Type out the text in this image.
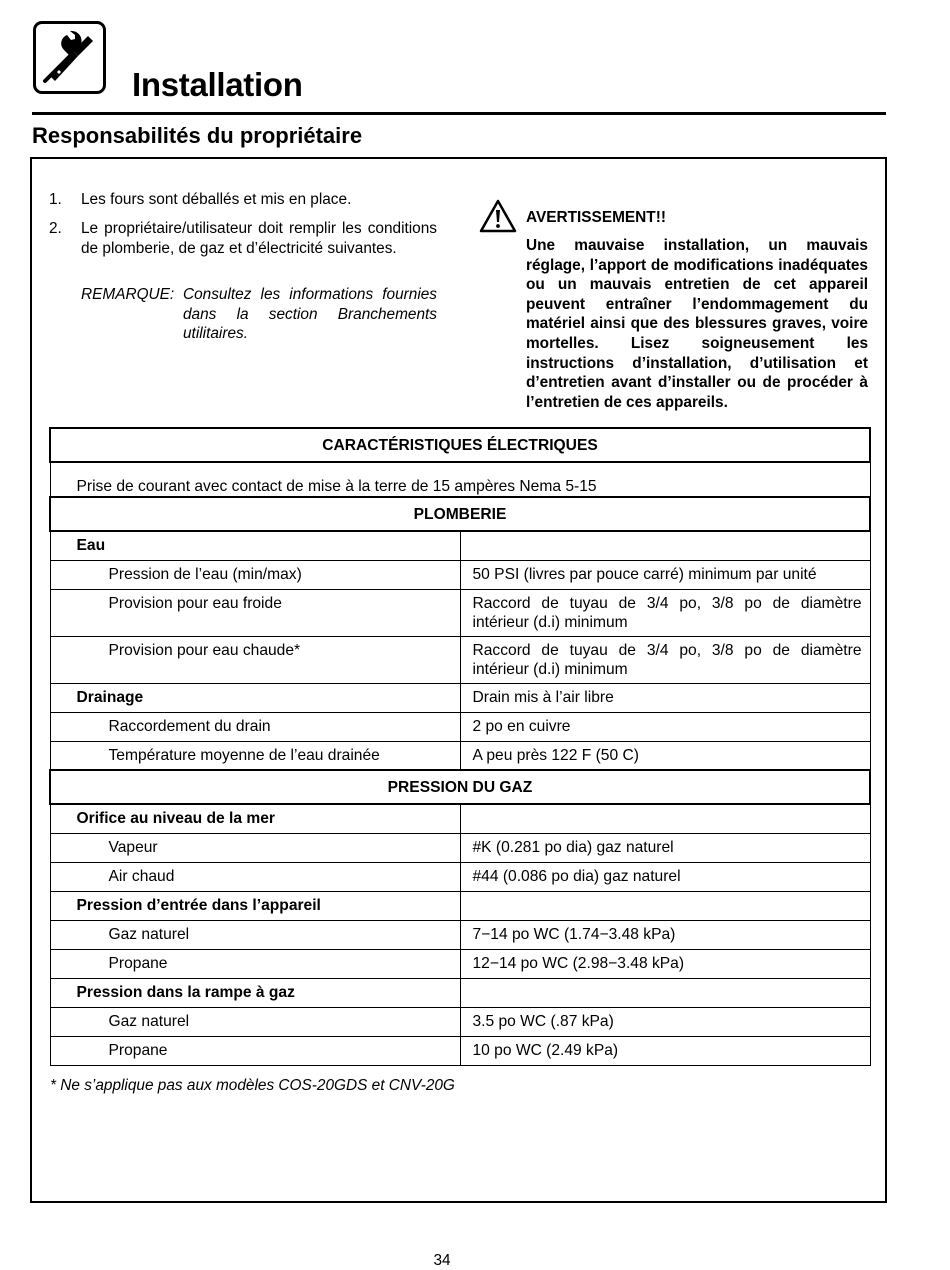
Installation
Responsabilités du propriétaire
1. Les fours sont déballés et mis en place.
2. Le propriétaire/utilisateur doit remplir les conditions de plomberie, de gaz et d’électricité suivantes.
REMARQUE: Consultez les informations fournies dans la section Branchements utilitaires.
AVERTISSEMENT!!
Une mauvaise installation, un mauvais réglage, l’apport de modifications inadéquates ou un mauvais entretien de cet appareil peuvent entraîner l’endommagement du matériel ainsi que des blessures graves, voire mortelles. Lisez soigneusement les instructions d’installation, d’utilisation et d’entretien avant d’installer ou de procéder à l’entretien de ces appareils.
CARACTÉRISTIQUES ÉLECTRIQUES	
Prise de courant avec contact de mise à la terre de 15 ampères Nema 5-15	
PLOMBERIE	
Eau	
Pression de l’eau (min/max)	50 PSI (livres par pouce carré) minimum par unité
Provision pour eau froide	Raccord de tuyau de 3/4 po, 3/8 po de diamètre intérieur (d.i) minimum
Provision pour eau chaude*	Raccord de tuyau de 3/4 po, 3/8 po de diamètre intérieur (d.i) minimum
Drainage	Drain mis à l’air libre
Raccordement du drain	2 po en cuivre
Température moyenne de l’eau drainée	A peu près 122 F (50 C)
PRESSION DU GAZ	
Orifice au niveau de la mer	
Vapeur	#K (0.281 po dia) gaz naturel
Air chaud	#44 (0.086 po dia) gaz naturel
Pression d’entrée dans l’appareil	
Gaz naturel	7−14 po WC (1.74−3.48 kPa)
Propane	12−14 po WC (2.98−3.48 kPa)
Pression dans la rampe à gaz	
Gaz naturel	3.5 po WC (.87 kPa)
Propane	10 po WC (2.49 kPa)
* Ne s’applique pas aux modèles COS-20GDS et CNV-20G
34
